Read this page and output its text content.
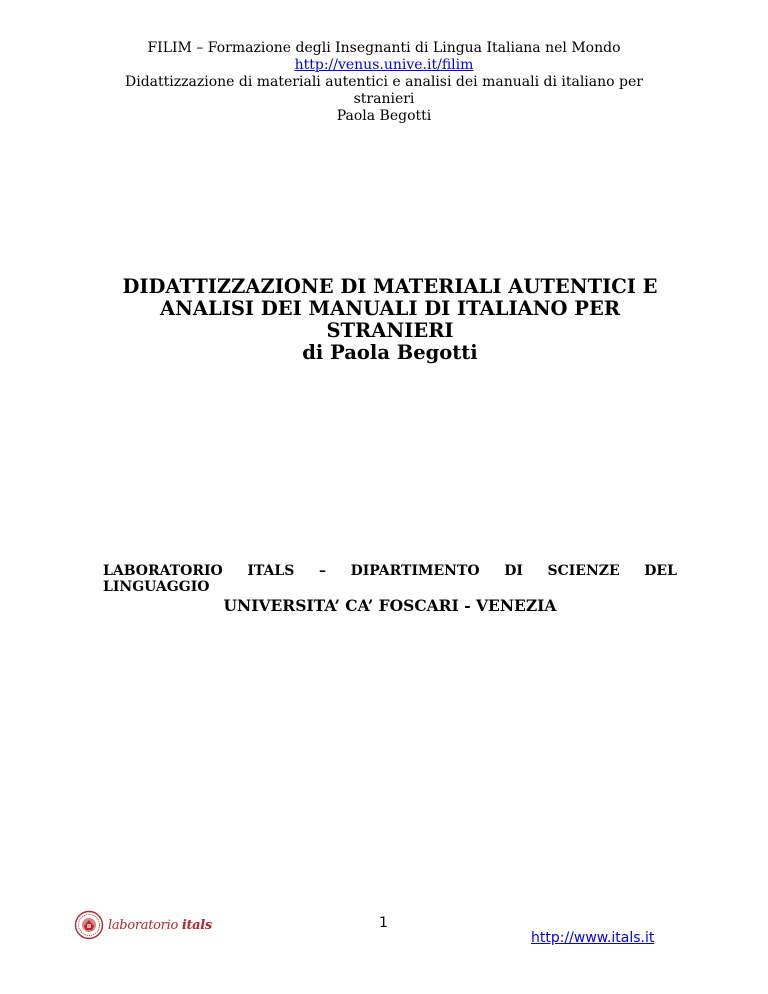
FILIM – Formazione degli Insegnanti di Lingua Italiana nel Mondo
http://venus.unive.it/filim
Didattizzazione di materiali autentici e analisi dei manuali di italiano per
stranieri
Paola Begotti
DIDATTIZZAZIONE DI MATERIALI AUTENTICI E
ANALISI DEI MANUALI DI ITALIANO PER
STRANIERI
di Paola Begotti
LABORATORIO ITALS – DIPARTIMENTO DI SCIENZE DEL
LINGUAGGIO
UNIVERSITA’ CA’ FOSCARI - VENEZIA
laboratorio itals	1
http://www.itals.it
